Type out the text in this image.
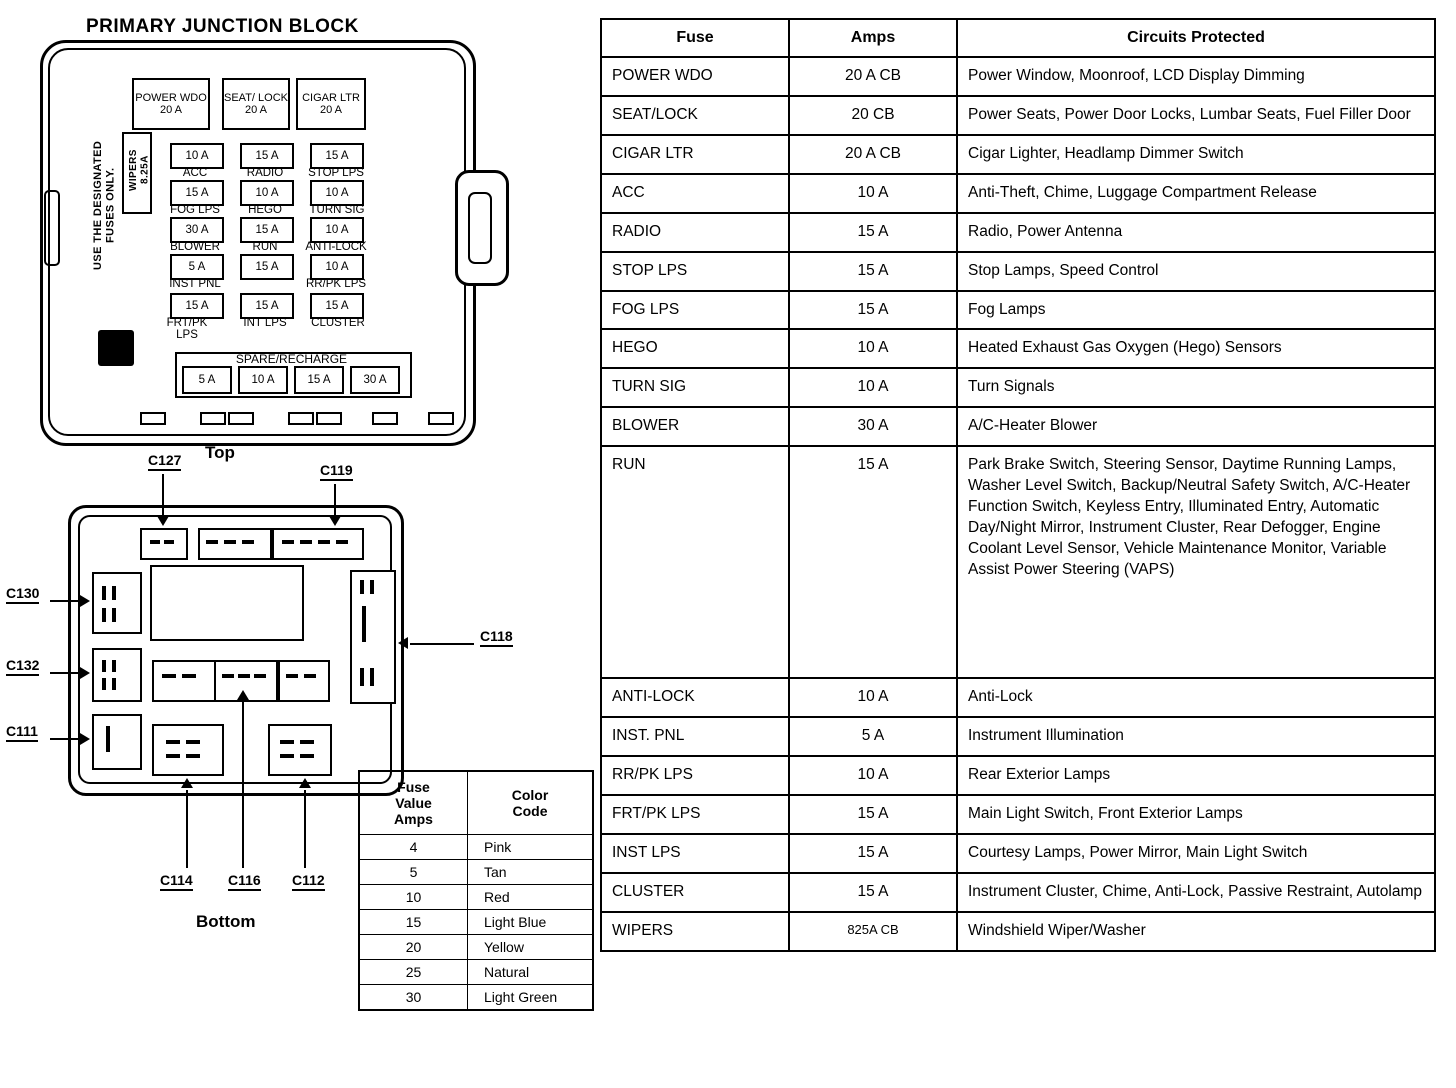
PRIMARY JUNCTION BLOCK
USE THE DESIGNATED FUSES ONLY. WIPERS 8.25A
POWER WDO
20 A
SEAT/ LOCK
20 A
CIGAR LTR
20 A
10 A	15 A	15 A
ACC	RADIO	STOP LPS
15 A	10 A	10 A
FOG LPS	HEGO	TURN SIG
30 A	15 A	10 A
BLOWER	RUN	ANTI-LOCK
5 A	15 A	10 A
INST PNL	RR/PK LPS
15 A	15 A	15 A
FRT/PK LPS
INT LPS	CLUSTER
SPARE/RECHARGE
5 A	10 A	15 A	30 A
Top
C127
C119
C130
C132
C111
C118
C114	C116 C112
Bottom
Fuse
Value
Amps

Color
Code

4	Pink
5	Tan
10	Red
15	Light Blue
20	Yellow
25	Natural
30	Light Green
Fuse	Amps	Circuits Protected
POWER WDO	20 A CB	Power Window, Moonroof, LCD Display Dimming
SEAT/LOCK	20 CB	Power Seats, Power Door Locks, Lumbar Seats, Fuel Filler Door
CIGAR LTR	20 A CB	Cigar Lighter, Headlamp Dimmer Switch
ACC	10 A	Anti-Theft, Chime, Luggage Compartment Release
RADIO	15 A	Radio, Power Antenna
STOP LPS	15 A	Stop Lamps, Speed Control
FOG LPS	15 A	Fog Lamps
HEGO	10 A	Heated Exhaust Gas Oxygen (Hego) Sensors
TURN SIG	10 A	Turn Signals
BLOWER	30 A	A/C-Heater Blower
RUN	15 A	Park Brake Switch, Steering Sensor, Daytime Running Lamps, Washer Level Switch, Backup/Neutral Safety Switch, A/C-Heater Function Switch, Keyless Entry, Illuminated Entry, Automatic Day/Night Mirror, Instrument Cluster, Rear Defogger, Engine Coolant Level Sensor, Vehicle Maintenance Monitor, Variable Assist Power Steering (VAPS)
ANTI-LOCK	10 A	Anti-Lock
INST. PNL	5 A	Instrument Illumination
RR/PK LPS	10 A	Rear Exterior Lamps
FRT/PK LPS	15 A	Main Light Switch, Front Exterior Lamps
INST LPS	15 A	Courtesy Lamps, Power Mirror, Main Light Switch
CLUSTER	15 A	Instrument Cluster, Chime, Anti-Lock, Passive Restraint, Autolamp
WIPERS	825A CB	Windshield Wiper/Washer
